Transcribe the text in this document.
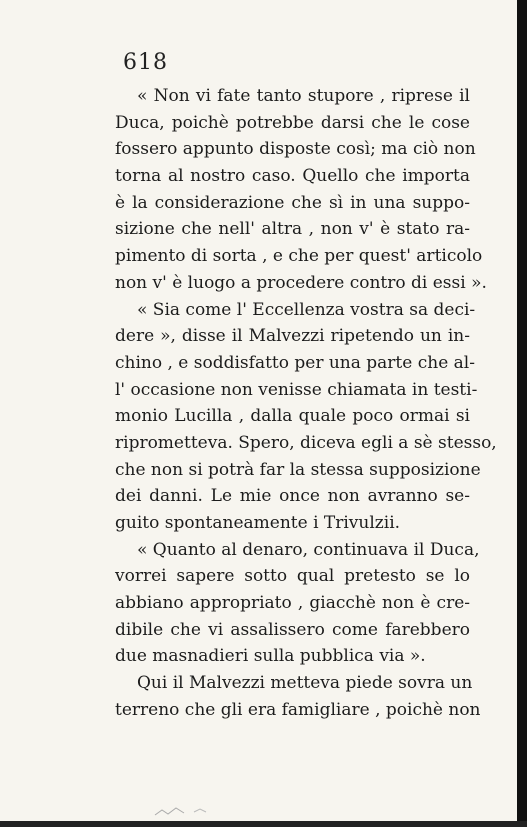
618
« Non vi fate tanto stupore , riprese il
Duca, poichè potrebbe darsi che le cose
fossero appunto disposte così; ma ciò non
torna al nostro caso. Quello che importa
è la considerazione che sì in una suppo-
sizione che nell' altra , non v' è stato ra-
pimento di sorta , e che per quest' articolo
non v' è luogo a procedere contro di essi ».
« Sia come l' Eccellenza vostra sa deci-
dere », disse il Malvezzi ripetendo un in-
chino , e soddisfatto per una parte che al-
l' occasione non venisse chiamata in testi-
monio Lucilla , dalla quale poco ormai si
riprometteva. Spero, diceva egli a sè stesso,
che non si potrà far la stessa supposizione
dei danni. Le mie once non avranno se-
guito spontaneamente i Trivulzii.
« Quanto al denaro, continuava il Duca,
vorrei sapere sotto qual pretesto se lo
abbiano appropriato , giacchè non è cre-
dibile che vi assalissero come farebbero
due masnadieri sulla pubblica via ».
Qui il Malvezzi metteva piede sovra un
terreno che gli era famigliare , poichè non
